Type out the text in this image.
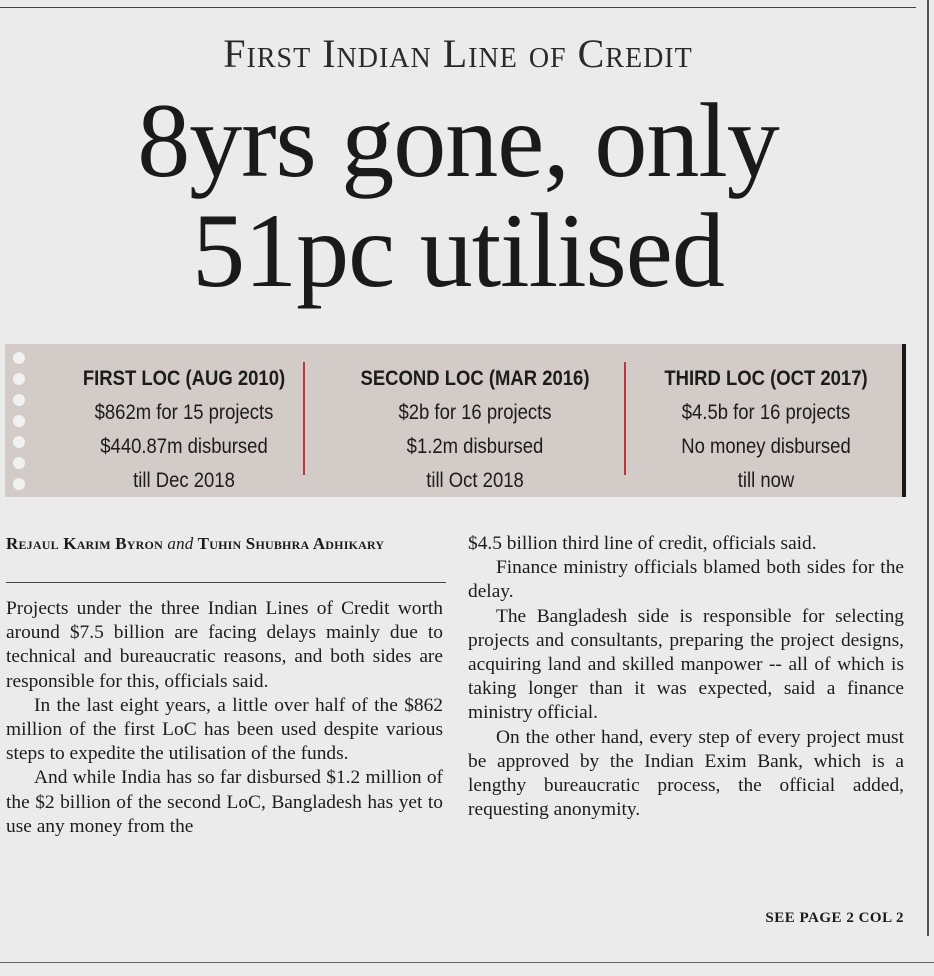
First Indian Line of Credit
8yrs gone, only
51pc utilised
FIRST LOC (AUG 2010)
$862m for 15 projects
$440.87m disbursed
till Dec 2018
SECOND LOC (MAR 2016)
$2b for 16 projects
$1.2m disbursed
till Oct 2018
THIRD LOC (OCT 2017)
$4.5b for 16 projects
No money disbursed
till now
Rejaul Karim Byron and Tuhin Shubhra Adhikary

Projects under the three Indian Lines of Credit worth around $7.5 billion are facing delays mainly due to technical and bureaucratic reasons, and both sides are responsible for this, officials said.

In the last eight years, a little over half of the $862 million of the first LoC has been used despite various steps to expedite the utilisation of the funds.

And while India has so far disbursed $1.2 million of the $2 billion of the second LoC, Bangladesh has yet to use any money from the

$4.5 billion third line of credit, officials said.

Finance ministry officials blamed both sides for the delay.

The Bangladesh side is responsible for selecting projects and consultants, preparing the project designs, acquiring land and skilled manpower -- all of which is taking longer than it was expected, said a finance ministry official.

On the other hand, every step of every project must be approved by the Indian Exim Bank, which is a lengthy bureaucratic process, the official added, requesting anonymity.

SEE PAGE 2 COL 2
